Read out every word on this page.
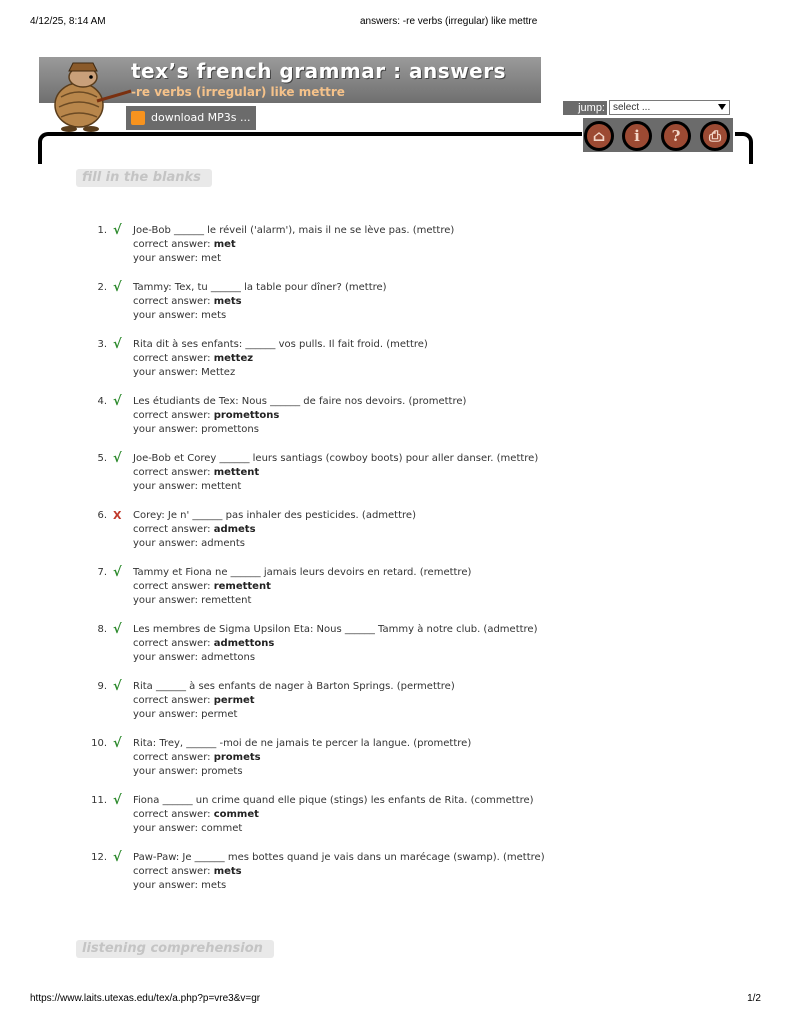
4/12/25, 8:14 AM	answers: -re verbs (irregular) like mettre
tex’s french grammar : answers
-re verbs (irregular) like mettre
download MP3s ...
jump: select ...
⌂	i	?	⎙
fill in the blanks
1. √ Joe-Bob ______ le réveil ('alarm'), mais il ne se lève pas. (mettre)
correct answer: met
your answer: met
2. √ Tammy: Tex, tu ______ la table pour dîner? (mettre)
correct answer: mets
your answer: mets
3. √ Rita dit à ses enfants: ______ vos pulls. Il fait froid. (mettre)
correct answer: mettez
your answer: Mettez
4. √ Les étudiants de Tex: Nous ______ de faire nos devoirs. (promettre)
correct answer: promettons
your answer: promettons
5. √ Joe-Bob et Corey ______ leurs santiags (cowboy boots) pour aller danser. (mettre)
correct answer: mettent
your answer: mettent
6. X Corey: Je n' ______ pas inhaler des pesticides. (admettre)
correct answer: admets
your answer: adments
7. √ Tammy et Fiona ne ______ jamais leurs devoirs en retard. (remettre)
correct answer: remettent
your answer: remettent
8. √ Les membres de Sigma Upsilon Eta: Nous ______ Tammy à notre club. (admettre)
correct answer: admettons
your answer: admettons
9. √ Rita ______ à ses enfants de nager à Barton Springs. (permettre)
correct answer: permet
your answer: permet
10. √ Rita: Trey, ______ -moi de ne jamais te percer la langue. (promettre)
correct answer: promets
your answer: promets
11. √ Fiona ______ un crime quand elle pique (stings) les enfants de Rita. (commettre)
correct answer: commet
your answer: commet
12. √ Paw-Paw: Je ______ mes bottes quand je vais dans un marécage (swamp). (mettre)
correct answer: mets
your answer: mets
listening comprehension
https://www.laits.utexas.edu/tex/a.php?p=vre3&v=gr	1/2
